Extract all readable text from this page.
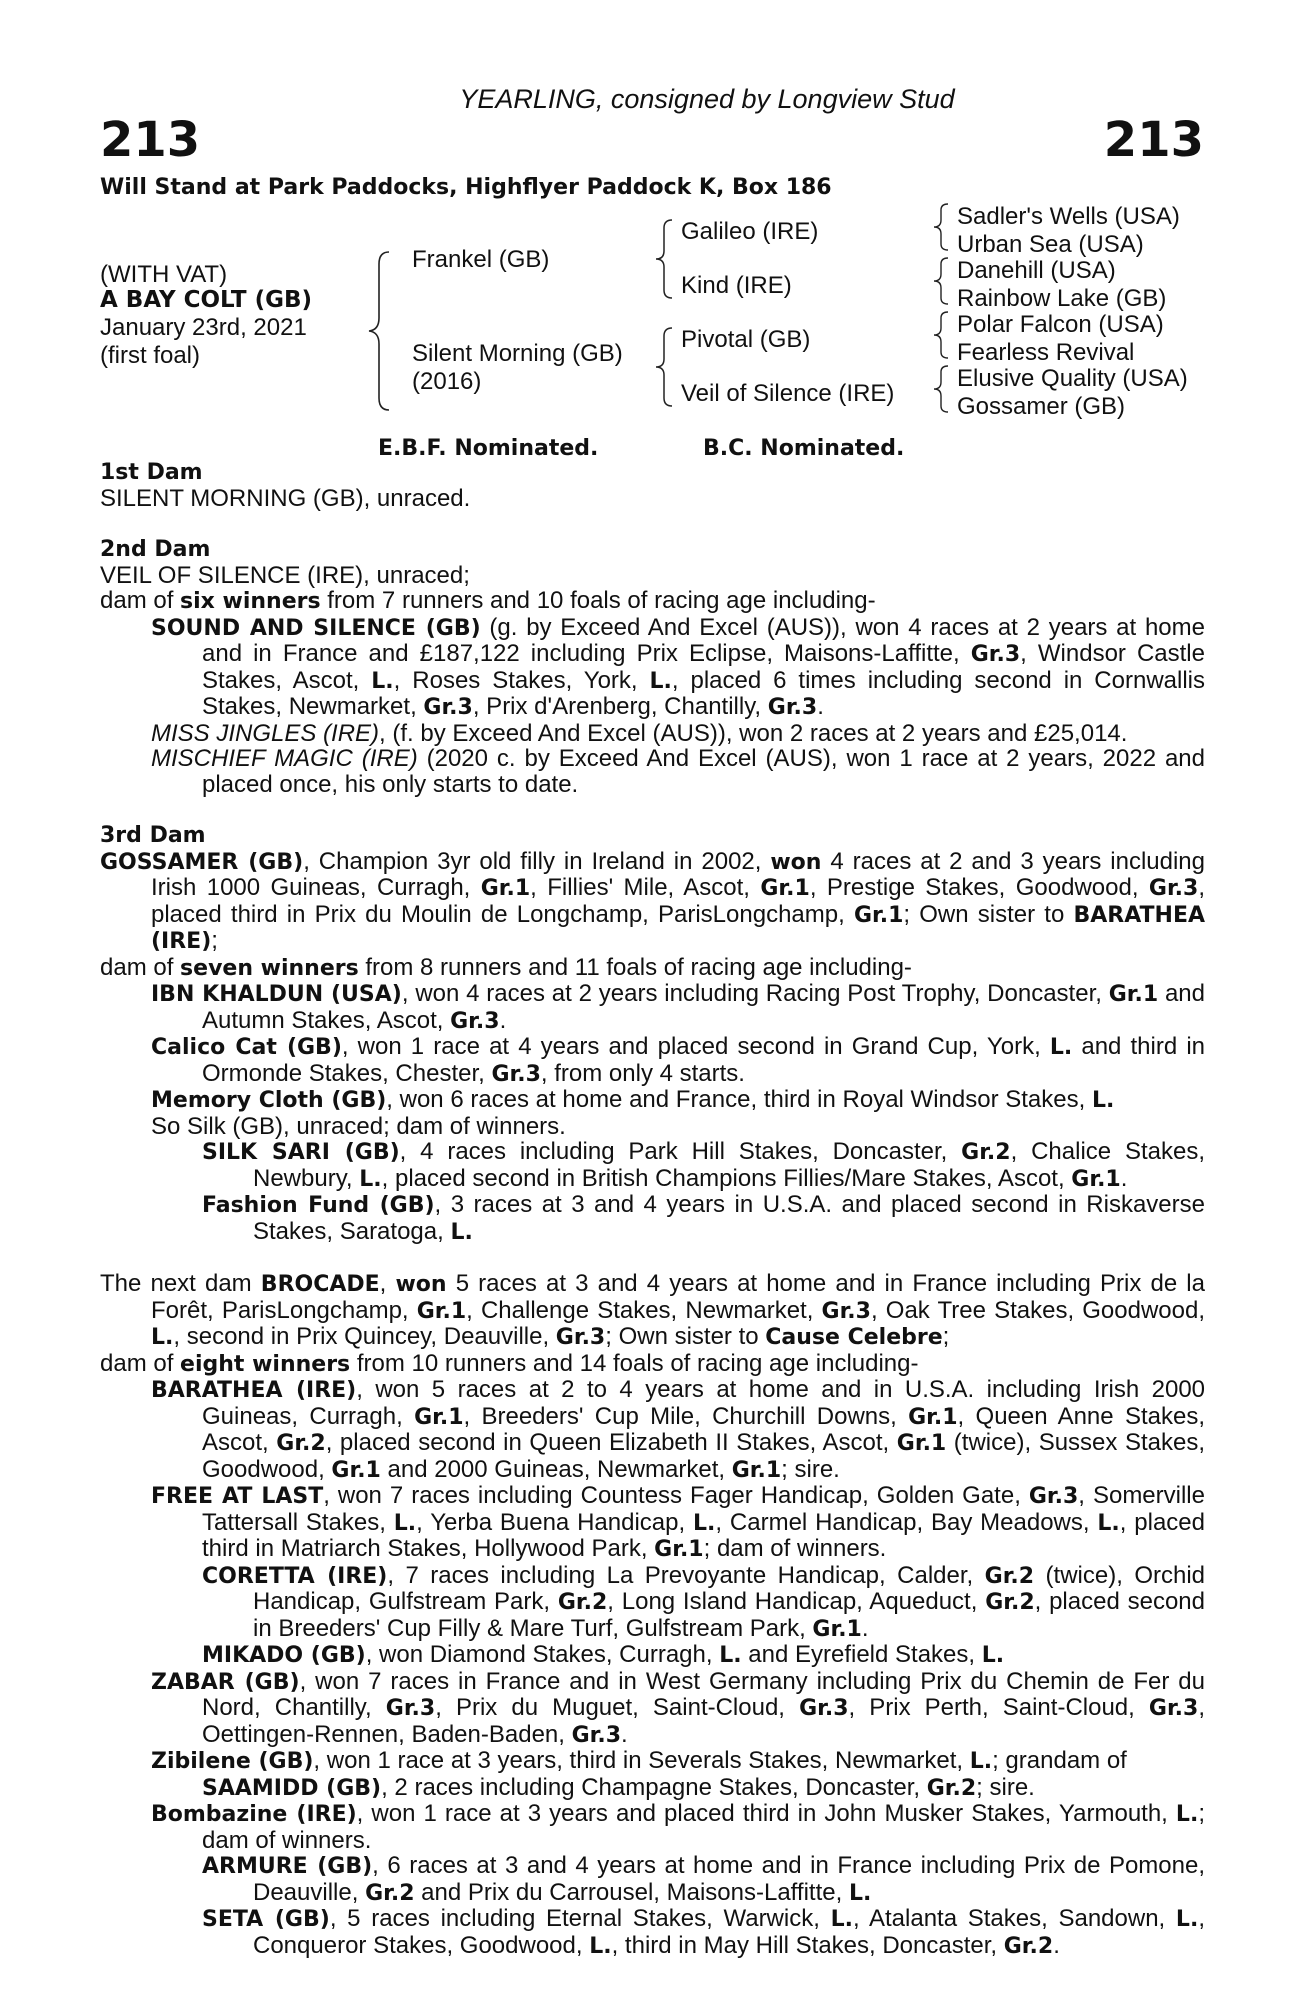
YEARLING, consigned by Longview Stud
213	213
Will Stand at Park Paddocks, Highflyer Paddock K, Box 186
(WITH VAT)
A BAY COLT (GB)
January 23rd, 2021
(first foal)
Frankel (GB)
Silent Morning (GB)
(2016)
Galileo (IRE)
Kind (IRE)
Pivotal (GB)
Veil of Silence (IRE)
Sadler's Wells (USA)
Urban Sea (USA)
Danehill (USA)
Rainbow Lake (GB)
Polar Falcon (USA)
Fearless Revival
Elusive Quality (USA)
Gossamer (GB)
E.B.F. Nominated.	B.C. Nominated.

1st Dam

SILENT MORNING (GB), unraced.

2nd Dam

VEIL OF SILENCE (IRE), unraced;

dam of six winners from 7 runners and 10 foals of racing age including-

SOUND AND SILENCE (GB) (g. by Exceed And Excel (AUS)), won 4 races at 2 years at home and in France and £187,122 including Prix Eclipse, Maisons-Laffitte, Gr.3, Windsor Castle Stakes, Ascot, L., Roses Stakes, York, L., placed 6 times including second in Cornwallis Stakes, Newmarket, Gr.3, Prix d'Arenberg, Chantilly, Gr.3.

MISS JINGLES (IRE), (f. by Exceed And Excel (AUS)), won 2 races at 2 years and £25,014.

MISCHIEF MAGIC (IRE) (2020 c. by Exceed And Excel (AUS), won 1 race at 2 years, 2022 and placed once, his only starts to date.

3rd Dam

GOSSAMER (GB), Champion 3yr old filly in Ireland in 2002, won 4 races at 2 and 3 years including Irish 1000 Guineas, Curragh, Gr.1, Fillies' Mile, Ascot, Gr.1, Prestige Stakes, Goodwood, Gr.3, placed third in Prix du Moulin de Longchamp, ParisLongchamp, Gr.1; Own sister to BARATHEA (IRE);

dam of seven winners from 8 runners and 11 foals of racing age including-

IBN KHALDUN (USA), won 4 races at 2 years including Racing Post Trophy, Doncaster, Gr.1 and Autumn Stakes, Ascot, Gr.3.

Calico Cat (GB), won 1 race at 4 years and placed second in Grand Cup, York, L. and third in Ormonde Stakes, Chester, Gr.3, from only 4 starts.

Memory Cloth (GB), won 6 races at home and France, third in Royal Windsor Stakes, L.

So Silk (GB), unraced; dam of winners.

SILK SARI (GB), 4 races including Park Hill Stakes, Doncaster, Gr.2, Chalice Stakes, Newbury, L., placed second in British Champions Fillies/Mare Stakes, Ascot, Gr.1.

Fashion Fund (GB), 3 races at 3 and 4 years in U.S.A. and placed second in Riskaverse Stakes, Saratoga, L.

The next dam BROCADE, won 5 races at 3 and 4 years at home and in France including Prix de la Forêt, ParisLongchamp, Gr.1, Challenge Stakes, Newmarket, Gr.3, Oak Tree Stakes, Goodwood, L., second in Prix Quincey, Deauville, Gr.3; Own sister to Cause Celebre;

dam of eight winners from 10 runners and 14 foals of racing age including-

BARATHEA (IRE), won 5 races at 2 to 4 years at home and in U.S.A. including Irish 2000 Guineas, Curragh, Gr.1, Breeders' Cup Mile, Churchill Downs, Gr.1, Queen Anne Stakes, Ascot, Gr.2, placed second in Queen Elizabeth II Stakes, Ascot, Gr.1 (twice), Sussex Stakes, Goodwood, Gr.1 and 2000 Guineas, Newmarket, Gr.1; sire.

FREE AT LAST, won 7 races including Countess Fager Handicap, Golden Gate, Gr.3, Somerville Tattersall Stakes, L., Yerba Buena Handicap, L., Carmel Handicap, Bay Meadows, L., placed third in Matriarch Stakes, Hollywood Park, Gr.1; dam of winners.

CORETTA (IRE), 7 races including La Prevoyante Handicap, Calder, Gr.2 (twice), Orchid Handicap, Gulfstream Park, Gr.2, Long Island Handicap, Aqueduct, Gr.2, placed second in Breeders' Cup Filly & Mare Turf, Gulfstream Park, Gr.1.

MIKADO (GB), won Diamond Stakes, Curragh, L. and Eyrefield Stakes, L.

ZABAR (GB), won 7 races in France and in West Germany including Prix du Chemin de Fer du Nord, Chantilly, Gr.3, Prix du Muguet, Saint-Cloud, Gr.3, Prix Perth, Saint-Cloud, Gr.3, Oettingen-Rennen, Baden-Baden, Gr.3.

Zibilene (GB), won 1 race at 3 years, third in Severals Stakes, Newmarket, L.; grandam of

SAAMIDD (GB), 2 races including Champagne Stakes, Doncaster, Gr.2; sire.

Bombazine (IRE), won 1 race at 3 years and placed third in John Musker Stakes, Yarmouth, L.; dam of winners.

ARMURE (GB), 6 races at 3 and 4 years at home and in France including Prix de Pomone, Deauville, Gr.2 and Prix du Carrousel, Maisons-Laffitte, L.

SETA (GB), 5 races including Eternal Stakes, Warwick, L., Atalanta Stakes, Sandown, L., Conqueror Stakes, Goodwood, L., third in May Hill Stakes, Doncaster, Gr.2.
